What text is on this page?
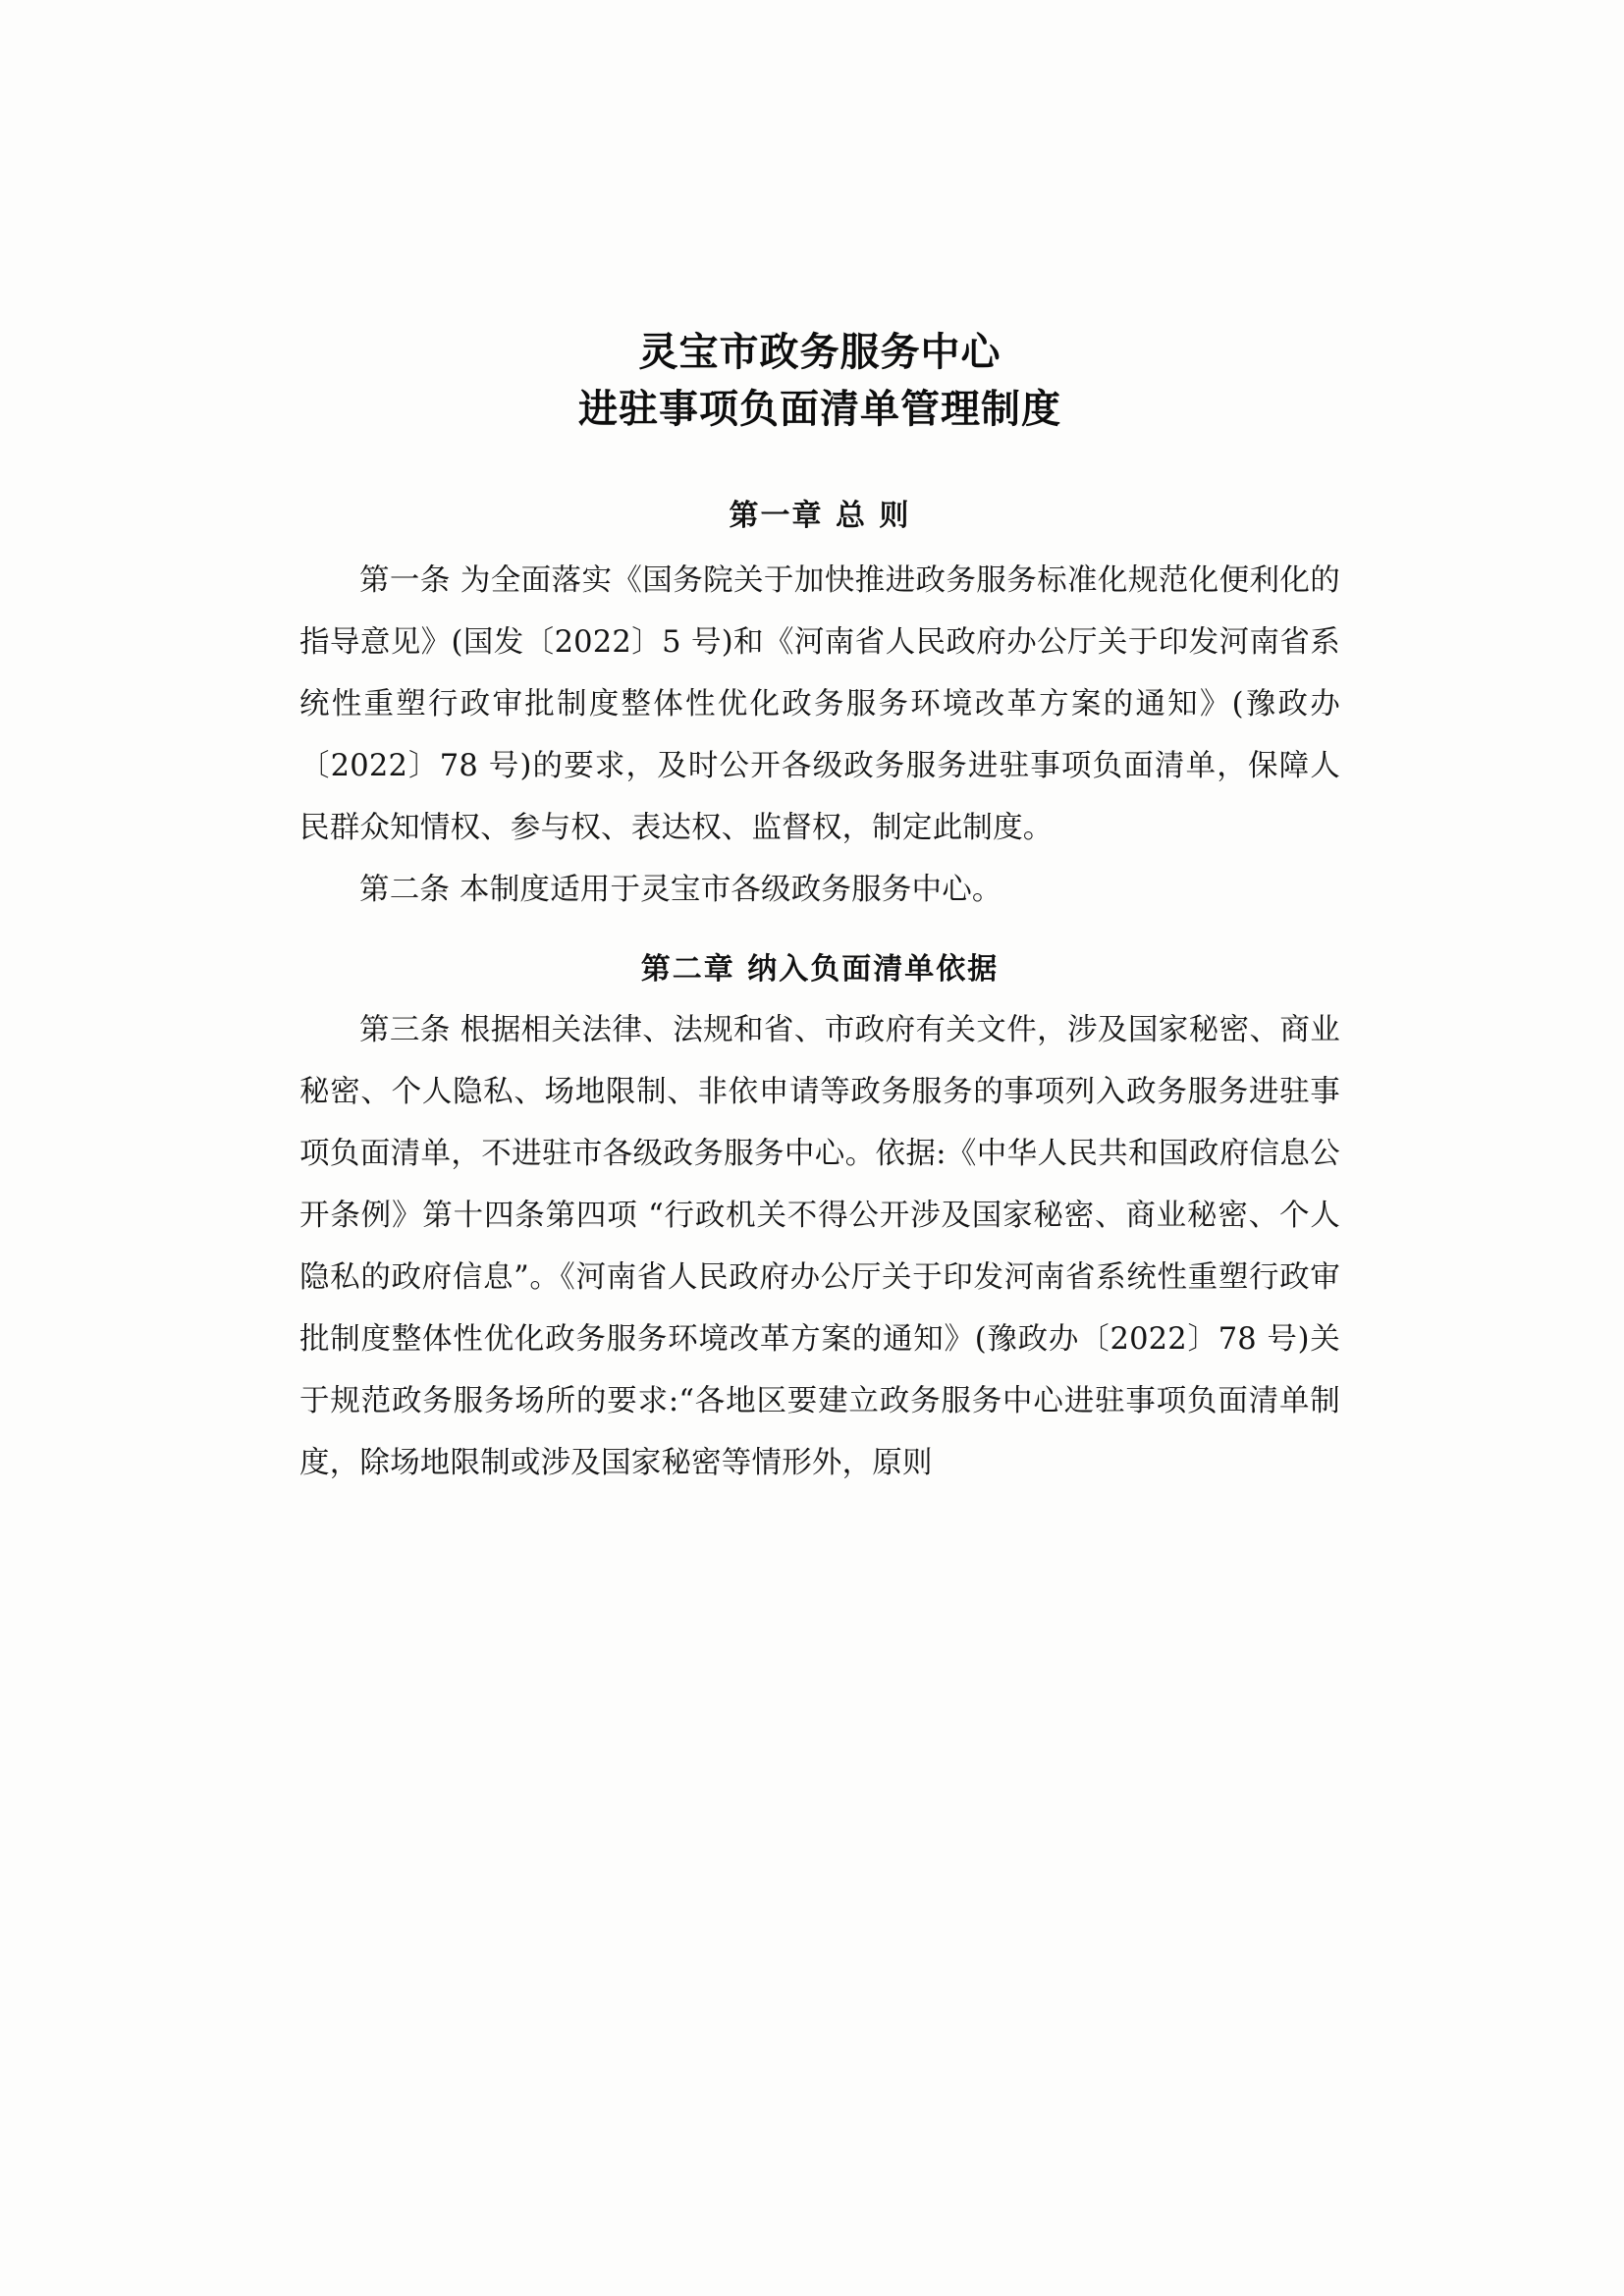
灵宝市政务服务中心
进驻事项负面清单管理制度
第一章 总 则

第一条 为全面落实《国务院关于加快推进政务服务标准化规范化便利化的指导意见》(国发〔2022〕5 号)和《河南省人民政府办公厅关于印发河南省系统性重塑行政审批制度整体性优化政务服务环境改革方案的通知》(豫政办〔2022〕78 号)的要求，及时公开各级政务服务进驻事项负面清单，保障人民群众知情权、参与权、表达权、监督权，制定此制度。

第二条 本制度适用于灵宝市各级政务服务中心。

第二章 纳入负面清单依据

第三条 根据相关法律、法规和省、市政府有关文件，涉及国家秘密、商业秘密、个人隐私、场地限制、非依申请等政务服务的事项列入政务服务进驻事项负面清单，不进驻市各级政务服务中心。依据:《中华人民共和国政府信息公开条例》第十四条第四项 “行政机关不得公开涉及国家秘密、商业秘密、个人隐私的政府信息”。《河南省人民政府办公厅关于印发河南省系统性重塑行政审批制度整体性优化政务服务环境改革方案的通知》(豫政办〔2022〕78 号)关于规范政务服务场所的要求:“各地区要建立政务服务中心进驻事项负面清单制度，除场地限制或涉及国家秘密等情形外，原则
